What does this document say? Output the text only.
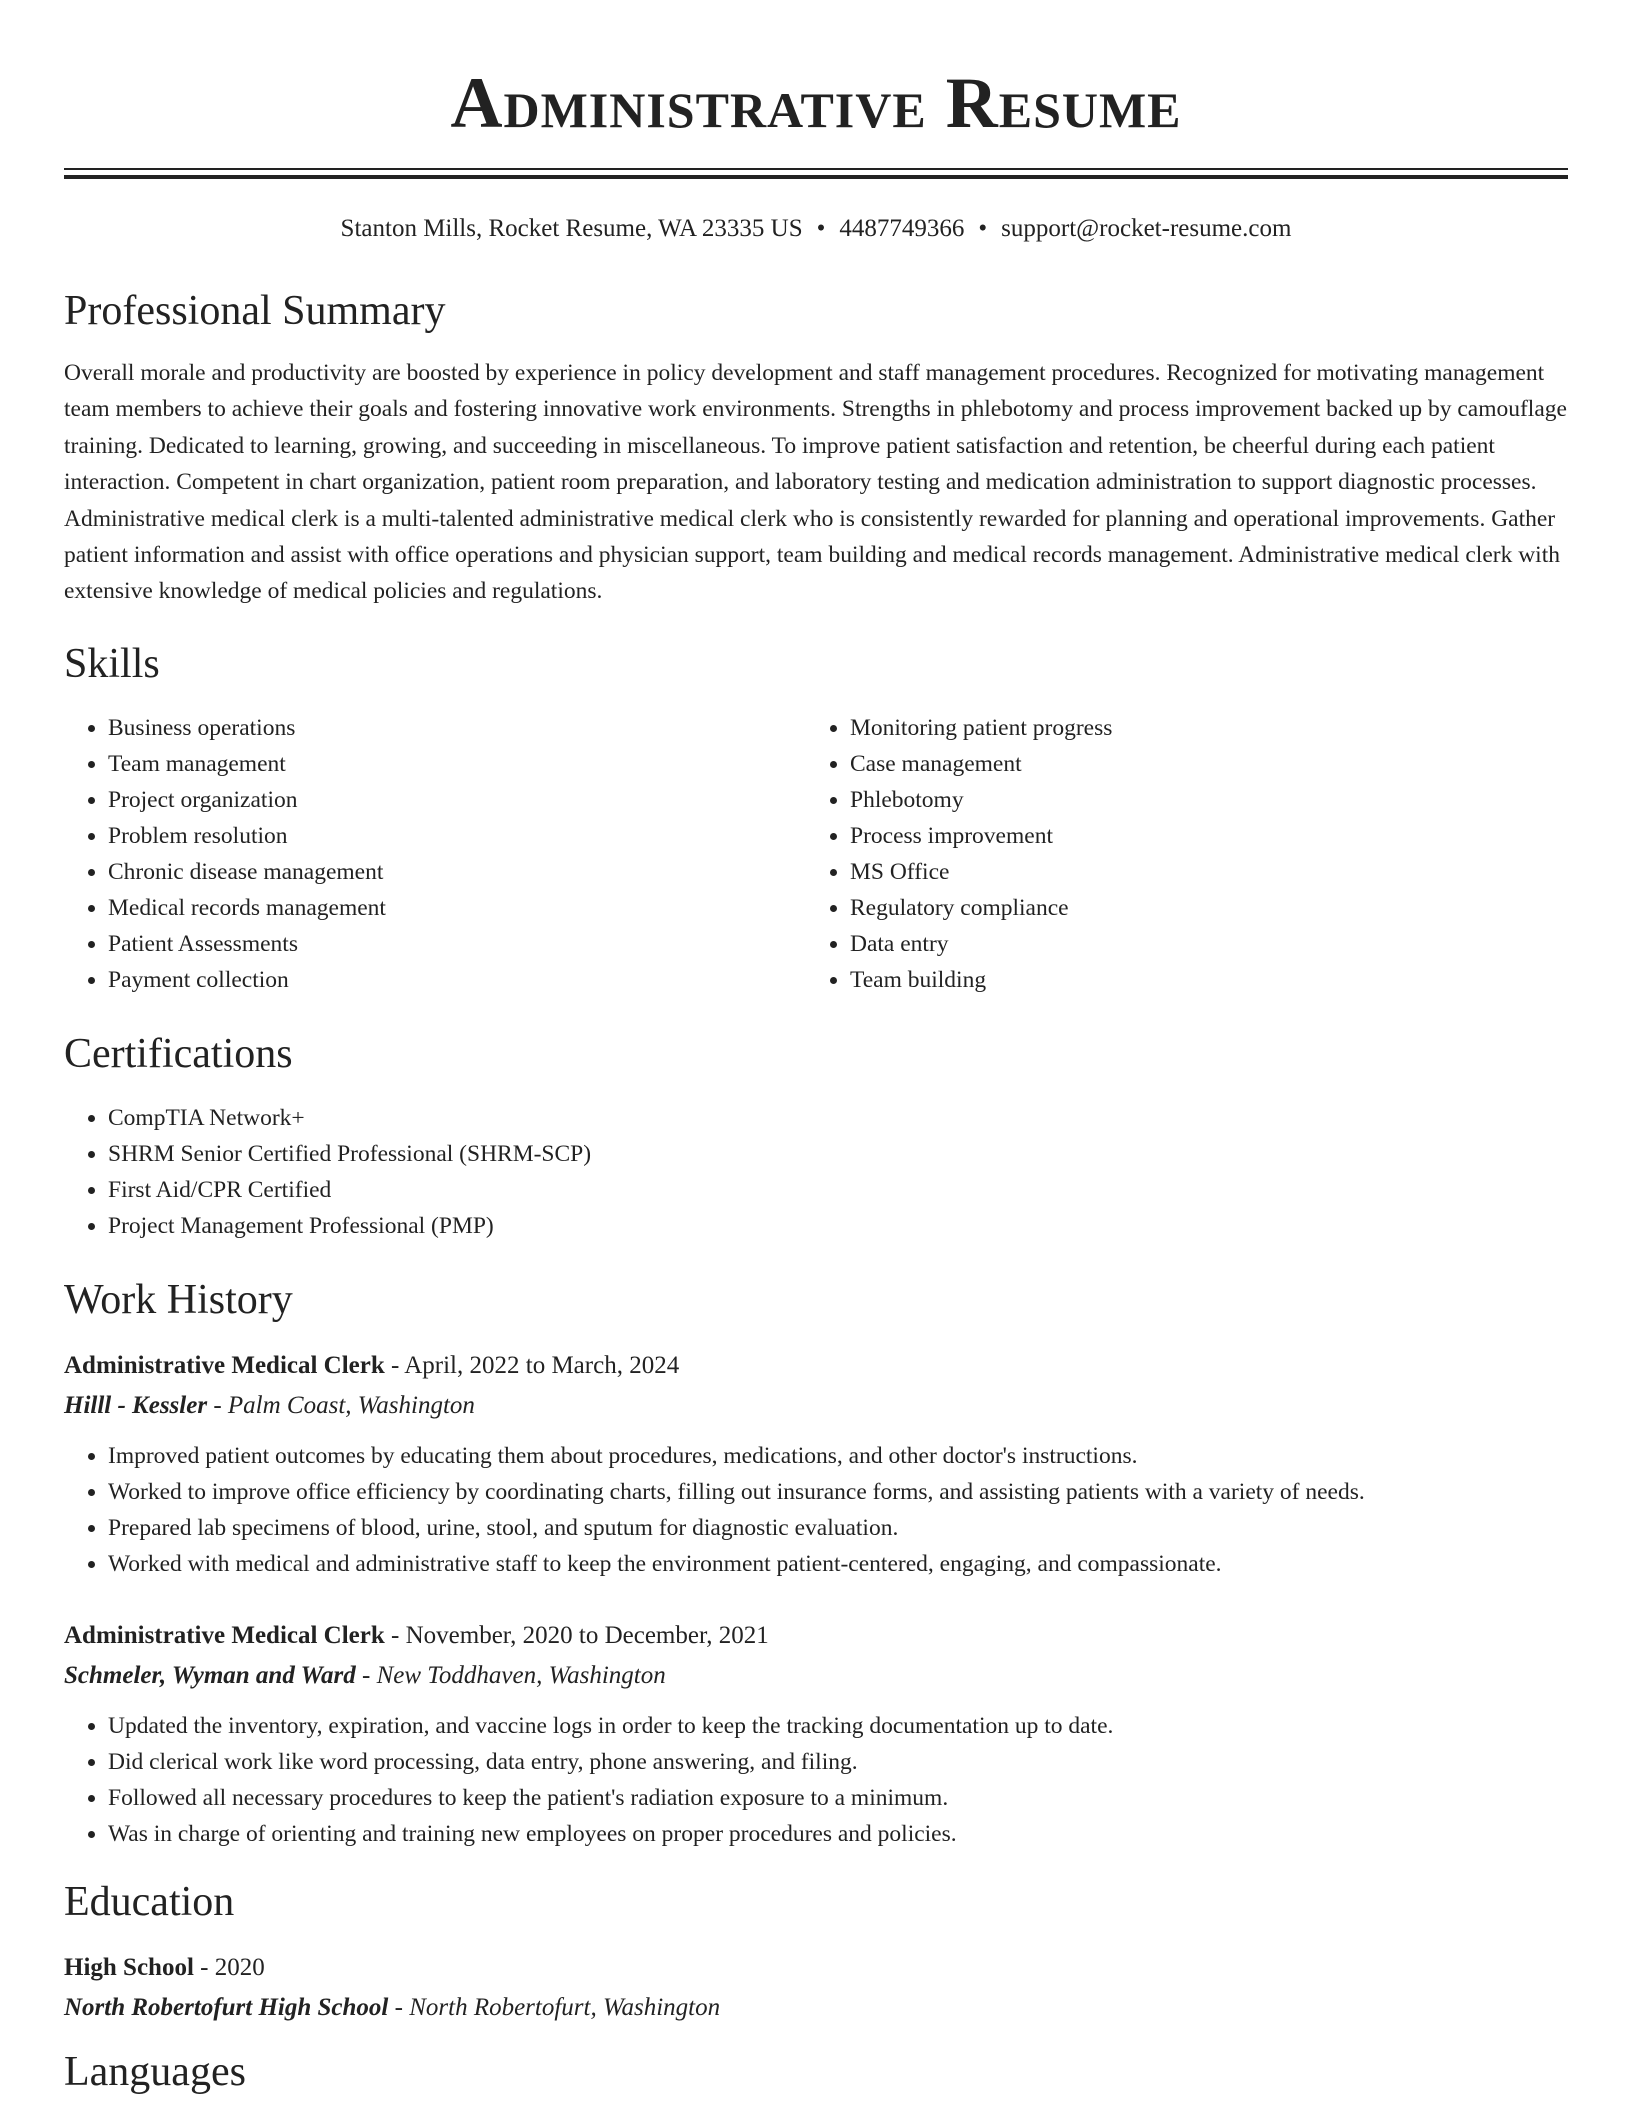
Administrative Resume
Stanton Mills, Rocket Resume, WA 23335 US • 4487749366 • support@rocket-resume.com
Professional Summary

Overall morale and productivity are boosted by experience in policy development and staff management procedures. Recognized for motivating management team members to achieve their goals and fostering innovative work environments. Strengths in phlebotomy and process improvement backed up by camouflage training. Dedicated to learning, growing, and succeeding in miscellaneous. To improve patient satisfaction and retention, be cheerful during each patient interaction. Competent in chart organization, patient room preparation, and laboratory testing and medication administration to support diagnostic processes. Administrative medical clerk is a multi-talented administrative medical clerk who is consistently rewarded for planning and operational improvements. Gather patient information and assist with office operations and physician support, team building and medical records management. Administrative medical clerk with extensive knowledge of medical policies and regulations.

Skills
• Business operations
• Team management
• Project organization
• Problem resolution
• Chronic disease management
• Medical records management
• Patient Assessments
• Payment collection
• Monitoring patient progress
• Case management
• Phlebotomy
• Process improvement
• MS Office
• Regulatory compliance
• Data entry
• Team building
Certifications
• CompTIA Network+
• SHRM Senior Certified Professional (SHRM-SCP)
• First Aid/CPR Certified
• Project Management Professional (PMP)
Work History
Administrative Medical Clerk - April, 2022 to March, 2024
Hilll - Kessler - Palm Coast, Washington
• Improved patient outcomes by educating them about procedures, medications, and other doctor's instructions.
• Worked to improve office efficiency by coordinating charts, filling out insurance forms, and assisting patients with a variety of needs.
• Prepared lab specimens of blood, urine, stool, and sputum for diagnostic evaluation.
• Worked with medical and administrative staff to keep the environment patient-centered, engaging, and compassionate.
Administrative Medical Clerk - November, 2020 to December, 2021
Schmeler, Wyman and Ward - New Toddhaven, Washington
• Updated the inventory, expiration, and vaccine logs in order to keep the tracking documentation up to date.
• Did clerical work like word processing, data entry, phone answering, and filing.
• Followed all necessary procedures to keep the patient's radiation exposure to a minimum.
• Was in charge of orienting and training new employees on proper procedures and policies.
Education
High School - 2020
North Robertofurt High School - North Robertofurt, Washington
Languages
